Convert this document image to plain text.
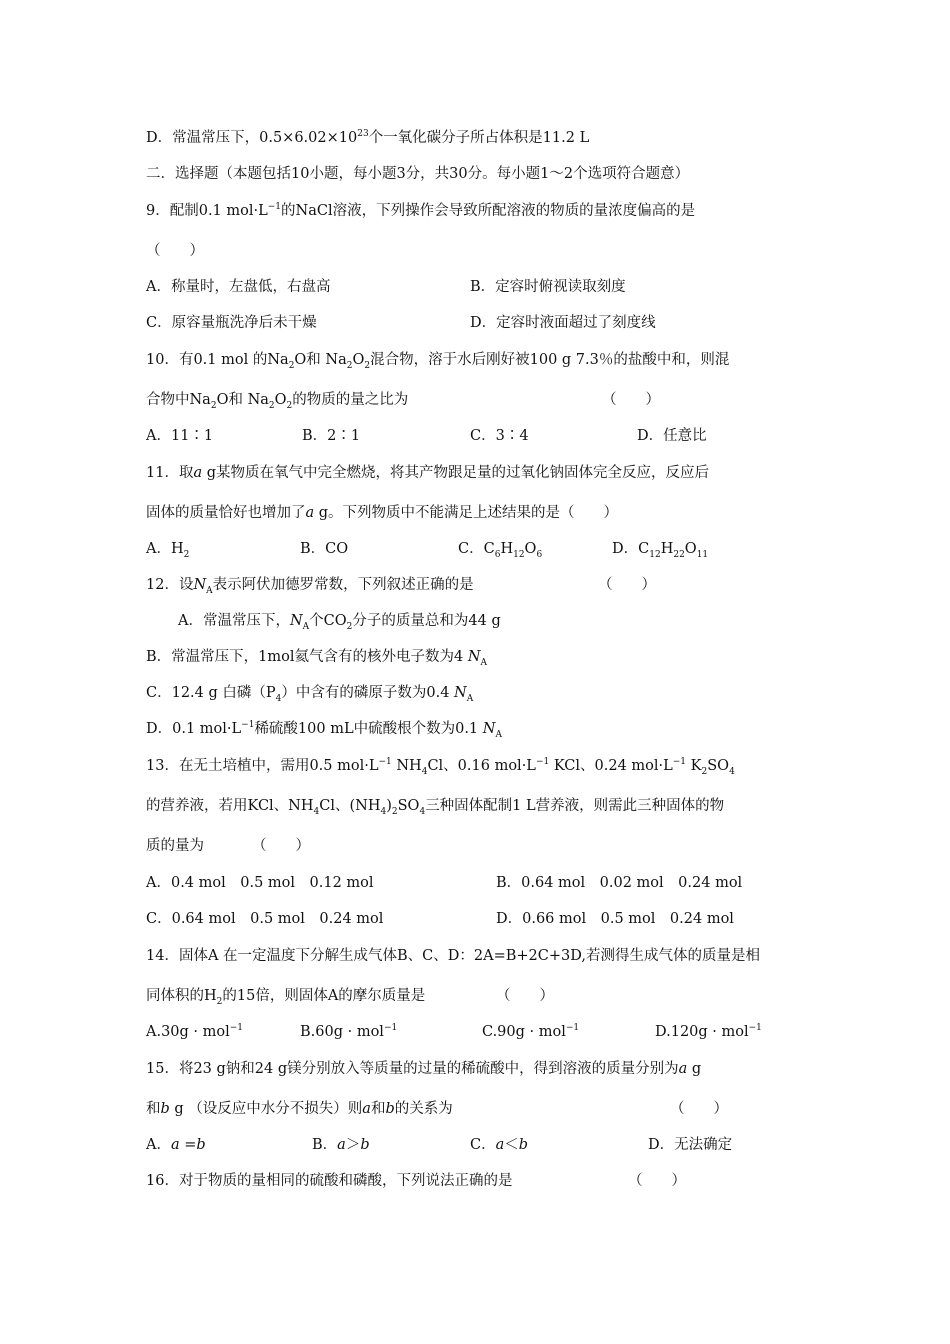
D．常温常压下，$0.5\times 6.02\times 10^{23}$个一氧化碳分子所占体积是11.2 L
二．选择题（本题包括10小题，每小题3分，共30分。每小题1～2个选项符合题意）
9．配制0.1 $mol\cdot L^{-1}$的NaCl溶液，下列操作会导致所配溶液的物质的量浓度偏高的是
（　　）
A．称量时，左盘低，右盘高	B．定容时俯视读取刻度
C．原容量瓶洗净后未干燥	D．定容时液面超过了刻度线
10．有0.1 mol 的$Na_2O$和 $Na_2O_2$混合物，溶于水后刚好被100 g 7.3％的盐酸中和，则混
合物中$Na_2O$和 $Na_2O_2$的物质的量之比为	（　　）
A．11∶1	B．2∶1	C．3∶4	D．任意比
11．取a g某物质在氧气中完全燃烧，将其产物跟足量的过氧化钠固体完全反应，反应后
固体的质量恰好也增加了a g。下列物质中不能满足上述结果的是（　　）
A．$H_2$	B．CO	C．$C_6H_{12}O_6$	D．$C_{12}H_{22}O_{11}$
12．设$N_A$表示阿伏加德罗常数，下列叙述正确的是	（　　）
A．常温常压下，$N_A$个$CO_2$分子的质量总和为44 g
B．常温常压下，1mol氦气含有的核外电子数为4 $N_A$
C．12.4 g 白磷$(P_4)$中含有的磷原子数为0.4 $N_A$
D．0.1 $mol\cdot L^{-1}$稀硫酸100 mL中硫酸根个数为0.1 $N_A$
13．在无土培植中，需用0.5 $mol\cdot L^{-1}$ $NH_4Cl$、0.16 $mol\cdot L^{-1}$ KCl、0.24 $mol\cdot L^{-1}$ $K_2SO_4$
的营养液，若用KCl、$NH_4Cl$、$(NH_4)_2SO_4$三种固体配制1 L营养液，则需此三种固体的物
质的量为	（　　）
A．0.4 mol　0.5 mol　0.12 mol	B．0.64 mol　0.02 mol　0.24 mol
C．0.64 mol　0.5 mol　0.24 mol	D．0.66 mol　0.5 mol　0.24 mol
14．固体A 在一定温度下分解生成气体B、C、D：2A=B+2C+3D,若测得生成气体的质量是相
同体积的$H_2$的15倍，则固体A的摩尔质量是	（　　）
A.30g · mol$^{-1}$	B.60g · mol$^{-1}$	C.90g · mol$^{-1}$	D.120g · mol$^{-1}$
15．将23 g钠和24 g镁分别放入等质量的过量的稀硫酸中，得到溶液的质量分别为a g
和b g （设反应中水分不损失）则a和b的关系为	（　　）
A．a =b	B．a＞b	C．a＜b	D．无法确定
16．对于物质的量相同的硫酸和磷酸，下列说法正确的是	（　　）
